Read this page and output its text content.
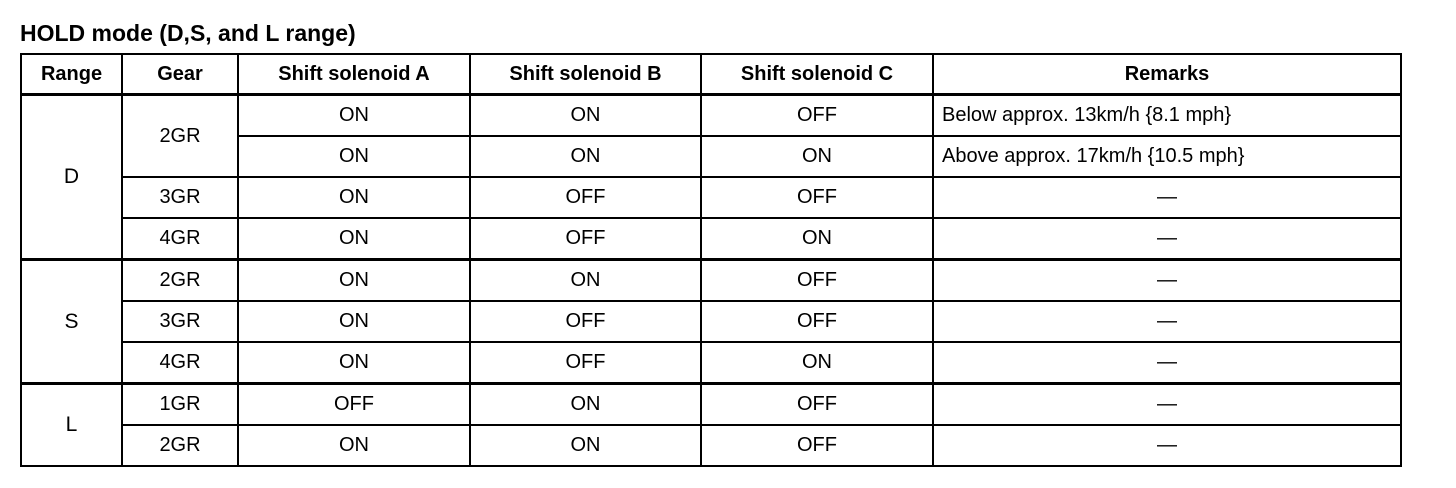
HOLD mode (D,S, and L range)
Range	Gear	Shift solenoid A	Shift solenoid B	Shift solenoid C	Remarks
D	2GR	ON	ON	OFF	Below approx. 13km/h {8.1 mph}
		ON	ON	ON	Above approx. 17km/h {10.5 mph}
	3GR	ON	OFF	OFF	—
	4GR	ON	OFF	ON	—
S	2GR	ON	ON	OFF	—
	3GR	ON	OFF	OFF	—
	4GR	ON	OFF	ON	—
L	1GR	OFF	ON	OFF	—
	2GR	ON	ON	OFF	—
